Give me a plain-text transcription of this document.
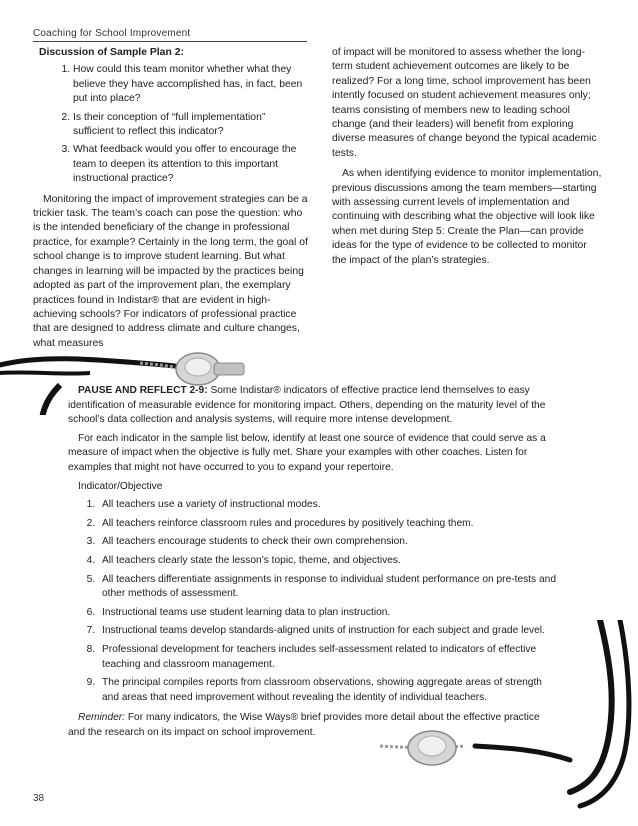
Coaching for School Improvement
Discussion of Sample Plan 2:
1. How could this team monitor whether what they believe they have accomplished has, in fact, been put into place?
2. Is their conception of “full implementation” sufficient to reflect this indicator?
3. What feedback would you offer to encourage the team to deepen its attention to this important instructional practice?

Monitoring the impact of improvement strategies can be a trickier task. The team’s coach can pose the question: who is the intended beneficiary of the change in professional practice, for example? Certainly in the long term, the goal of school change is to improve student learning. But what changes in learning will be impacted by the practices being adopted as part of the improvement plan, the exemplary practices found in Indistar® that are evident in high-achieving schools? For indicators of professional practice that are designed to address climate and culture changes, what measures

of impact will be monitored to assess whether the long-term student achievement outcomes are likely to be realized? For a long time, school improvement has been intently focused on student achievement measures only; teams consisting of members new to leading school change (and their leaders) will benefit from exploring diverse measures of change beyond the typical academic tests.

As when identifying evidence to monitor implementation, previous discussions among the team members—starting with assessing current levels of implementation and continuing with describing what the objective will look like when met during Step 5: Create the Plan—can provide ideas for the type of evidence to be collected to monitor the impact of the plan’s strategies.

PAUSE AND REFLECT 2-9: Some Indistar® indicators of effective practice lend themselves to easy identification of measurable evidence for monitoring impact. Others, depending on the maturity level of the school’s data collection and analysis systems, will require more intense development.

For each indicator in the sample list below, identify at least one source of evidence that could serve as a measure of impact when the objective is fully met. Share your examples with other coaches. Listen for examples that might not have occurred to you to expand your repertoire.

Indicator/Objective

1. All teachers use a variety of instructional modes.
2. All teachers reinforce classroom rules and procedures by positively teaching them.
3. All teachers encourage students to check their own comprehension.
4. All teachers clearly state the lesson’s topic, theme, and objectives.
5. All teachers differentiate assignments in response to individual student performance on pre-tests and other methods of assessment.
6. Instructional teams use student learning data to plan instruction.
7. Instructional teams develop standards-aligned units of instruction for each subject and grade level.
8. Professional development for teachers includes self-assessment related to indicators of effective teaching and classroom management.
9. The principal compiles reports from classroom observations, showing aggregate areas of strength and areas that need improvement without revealing the identity of individual teachers.

Reminder: For many indicators, the Wise Ways® brief provides more detail about the effective practice and the research on its impact on school improvement.

38
